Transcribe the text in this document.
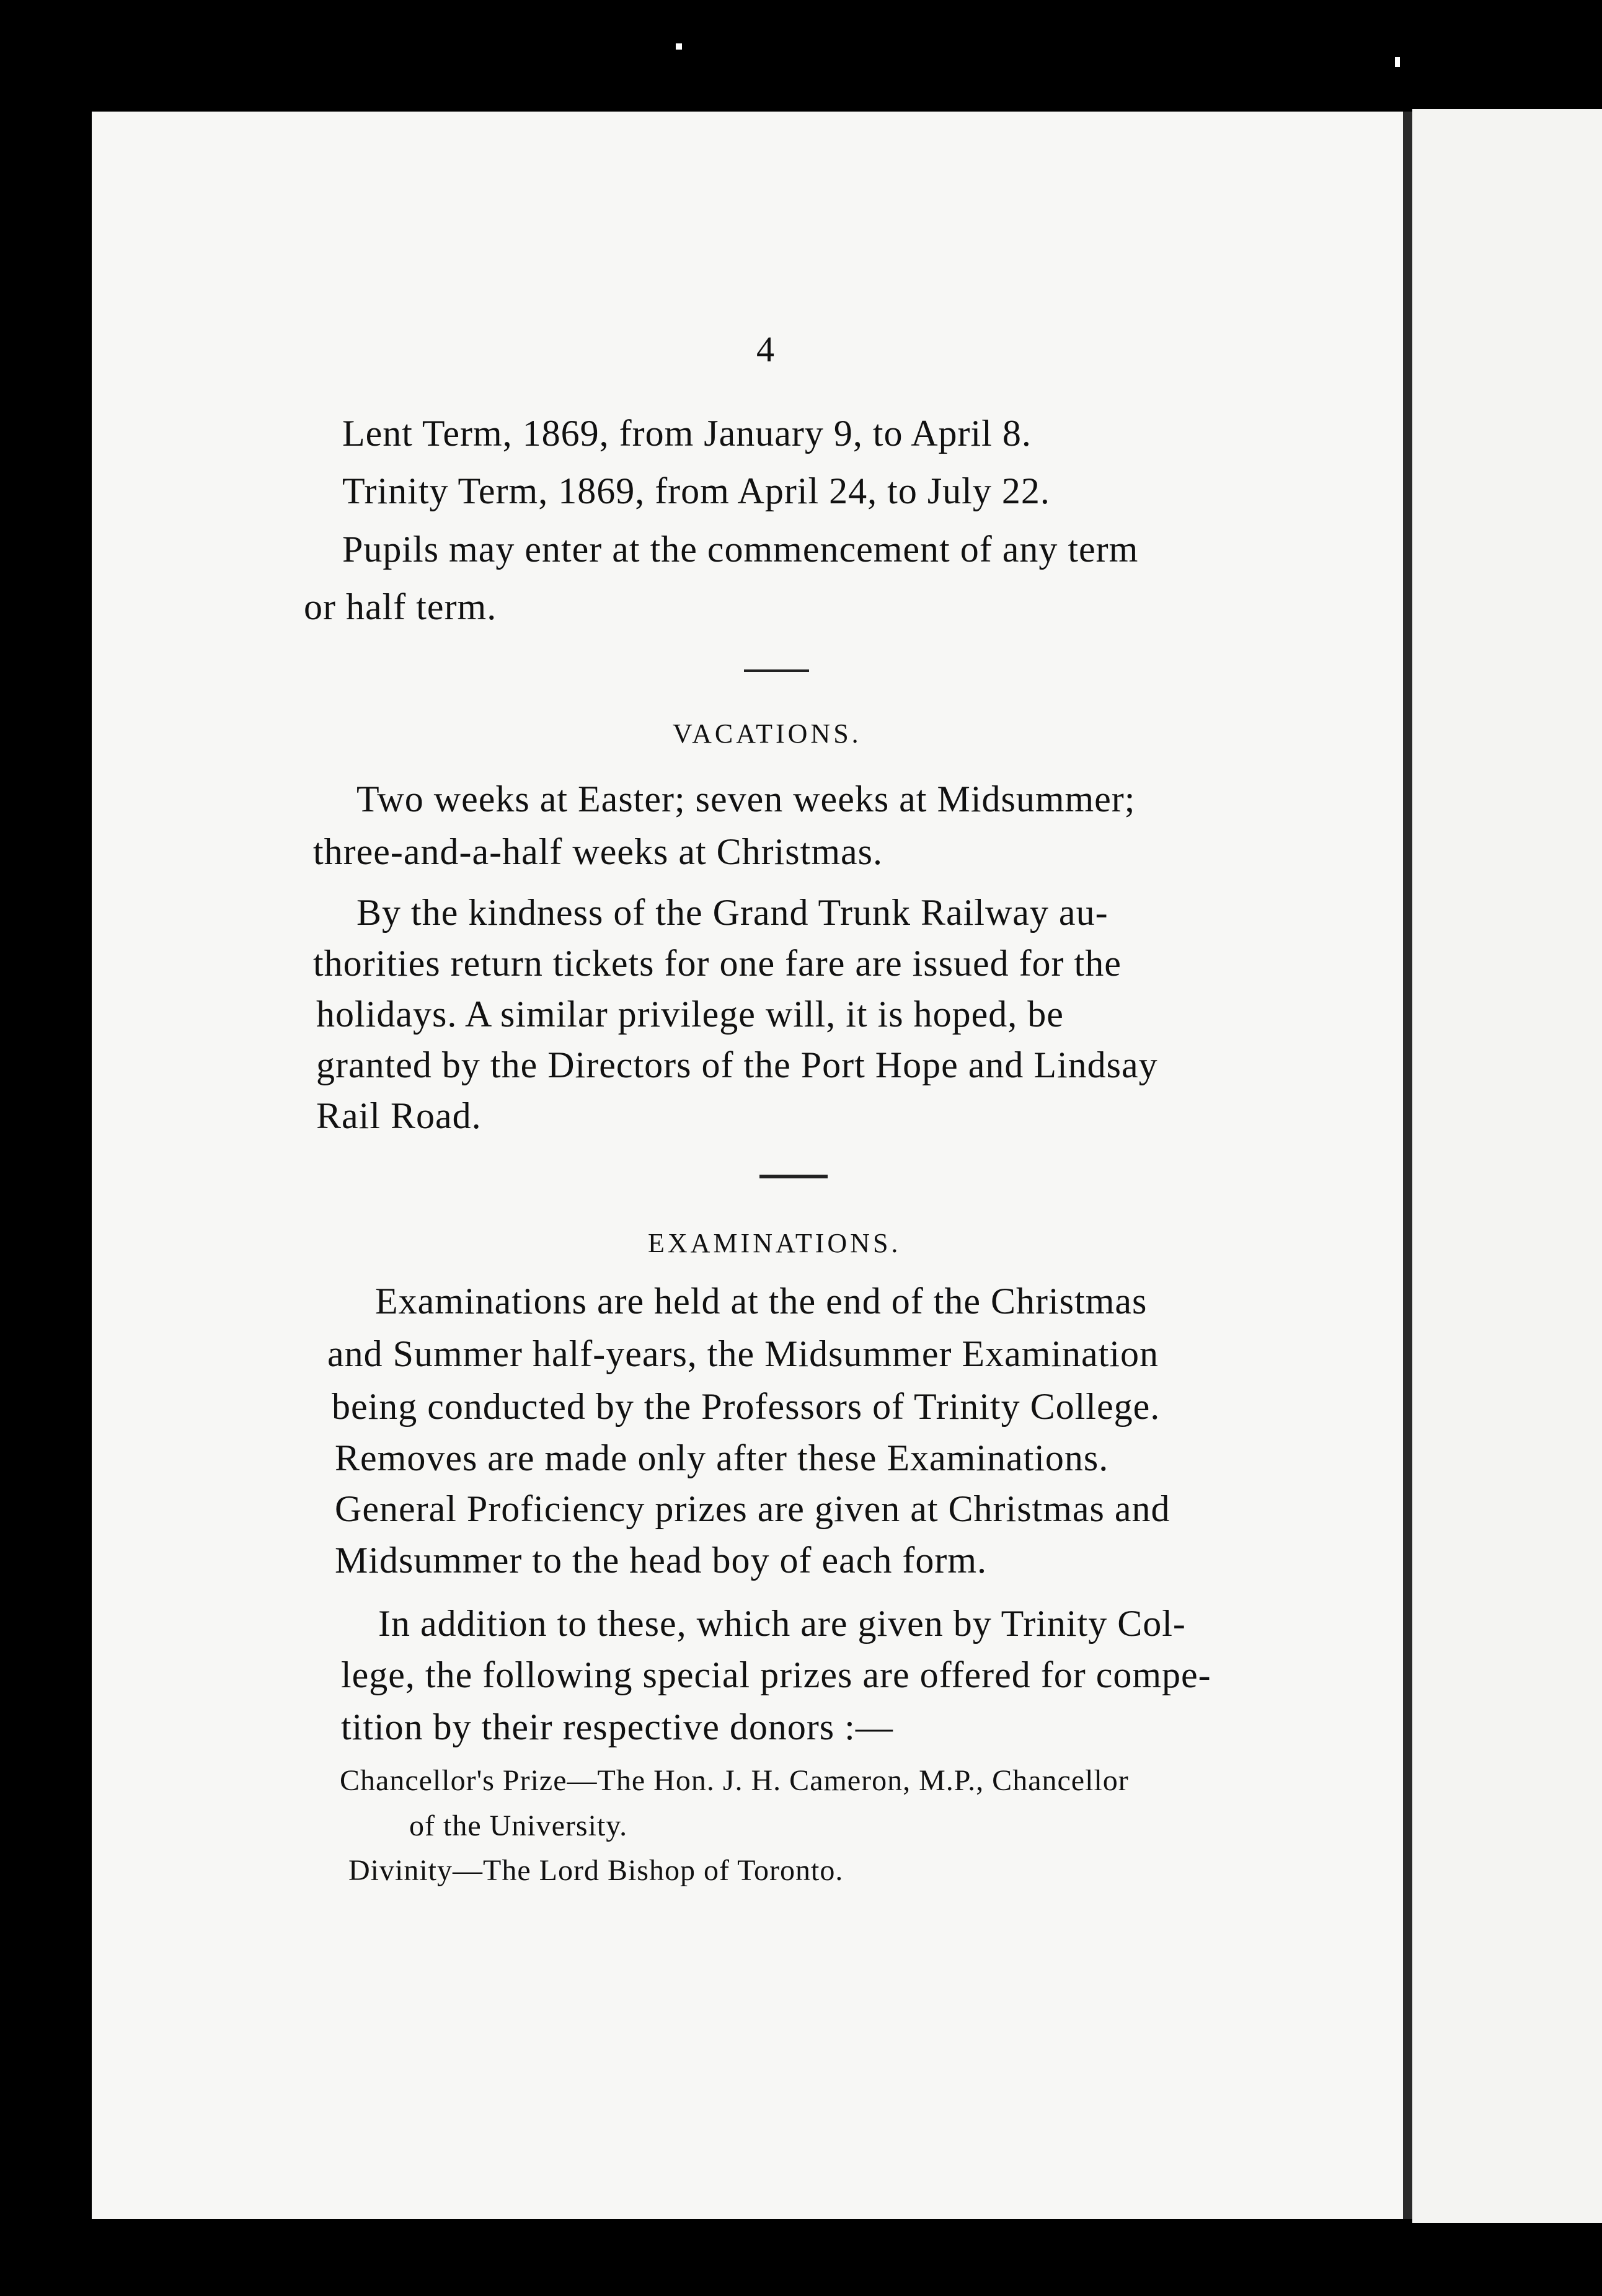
4
Lent Term, 1869, from January 9, to April 8.
Trinity Term, 1869, from April 24, to July 22.
Pupils may enter at the commencement of any term
or half term.
VACATIONS.
Two weeks at Easter; seven weeks at Midsummer;
three-and-a-half weeks at Christmas.
By the kindness of the Grand Trunk Railway au-
thorities return tickets for one fare are issued for the
holidays. A similar privilege will, it is hoped, be
granted by the Directors of the Port Hope and Lindsay
Rail Road.
EXAMINATIONS.
Examinations are held at the end of the Christmas
and Summer half-years, the Midsummer Examination
being conducted by the Professors of Trinity College.
Removes are made only after these Examinations.
General Proficiency prizes are given at Christmas and
Midsummer to the head boy of each form.
In addition to these, which are given by Trinity Col-
lege, the following special prizes are offered for compe-
tition by their respective donors :—
Chancellor's Prize—The Hon. J. H. Cameron, M.P., Chancellor
of the University.
Divinity—The Lord Bishop of Toronto.
